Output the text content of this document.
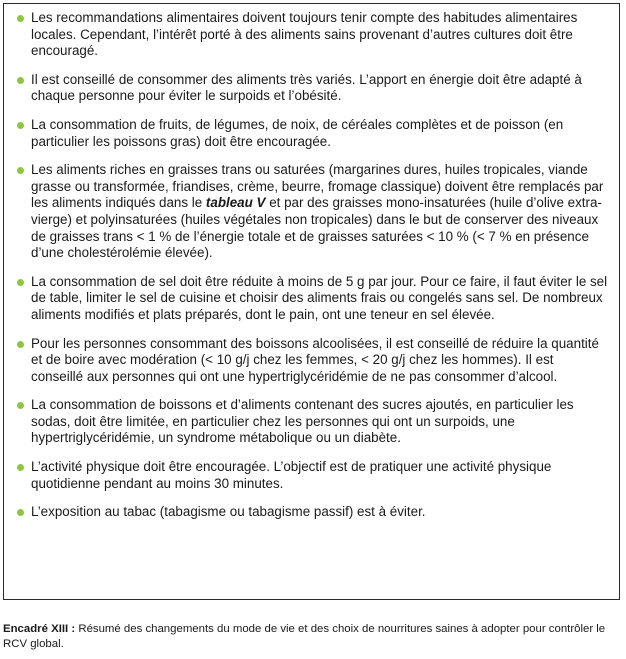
Les recommandations alimentaires doivent toujours tenir compte des habitudes alimentaires locales. Cependant, l’intérêt porté à des aliments sains provenant d’autres cultures doit être encouragé.
Il est conseillé de consommer des aliments très variés. L’apport en énergie doit être adapté à chaque personne pour éviter le surpoids et l’obésité.
La consommation de fruits, de légumes, de noix, de céréales complètes et de poisson (en particulier les poissons gras) doit être encouragée.
Les aliments riches en graisses trans ou saturées (margarines dures, huiles tropicales, viande grasse ou transformée, friandises, crème, beurre, fromage classique) doivent être remplacés par les aliments indiqués dans le tableau V et par des graisses mono-insaturées (huile d’olive extra-vierge) et polyinsaturées (huiles végétales non tropicales) dans le but de conserver des niveaux de graisses trans < 1 % de l’énergie totale et de graisses saturées < 10 % (< 7 % en présence d’une cholestérolémie élevée).
La consommation de sel doit être réduite à moins de 5 g par jour. Pour ce faire, il faut éviter le sel de table, limiter le sel de cuisine et choisir des aliments frais ou congelés sans sel. De nombreux aliments modifiés et plats préparés, dont le pain, ont une teneur en sel élevée.
Pour les personnes consommant des boissons alcoolisées, il est conseillé de réduire la quantité et de boire avec modération (< 10 g/j chez les femmes, < 20 g/j chez les hommes). Il est conseillé aux personnes qui ont une hypertriglycéridémie de ne pas consommer d’alcool.
La consommation de boissons et d’aliments contenant des sucres ajoutés, en particulier les sodas, doit être limitée, en particulier chez les personnes qui ont un surpoids, une hypertriglycéridémie, un syndrome métabolique ou un diabète.
L’activité physique doit être encouragée. L’objectif est de pratiquer une activité physique quotidienne pendant au moins 30 minutes.
L’exposition au tabac (tabagisme ou tabagisme passif) est à éviter.
Encadré XIII : Résumé des changements du mode de vie et des choix de nourritures saines à adopter pour contrôler le RCV global.
